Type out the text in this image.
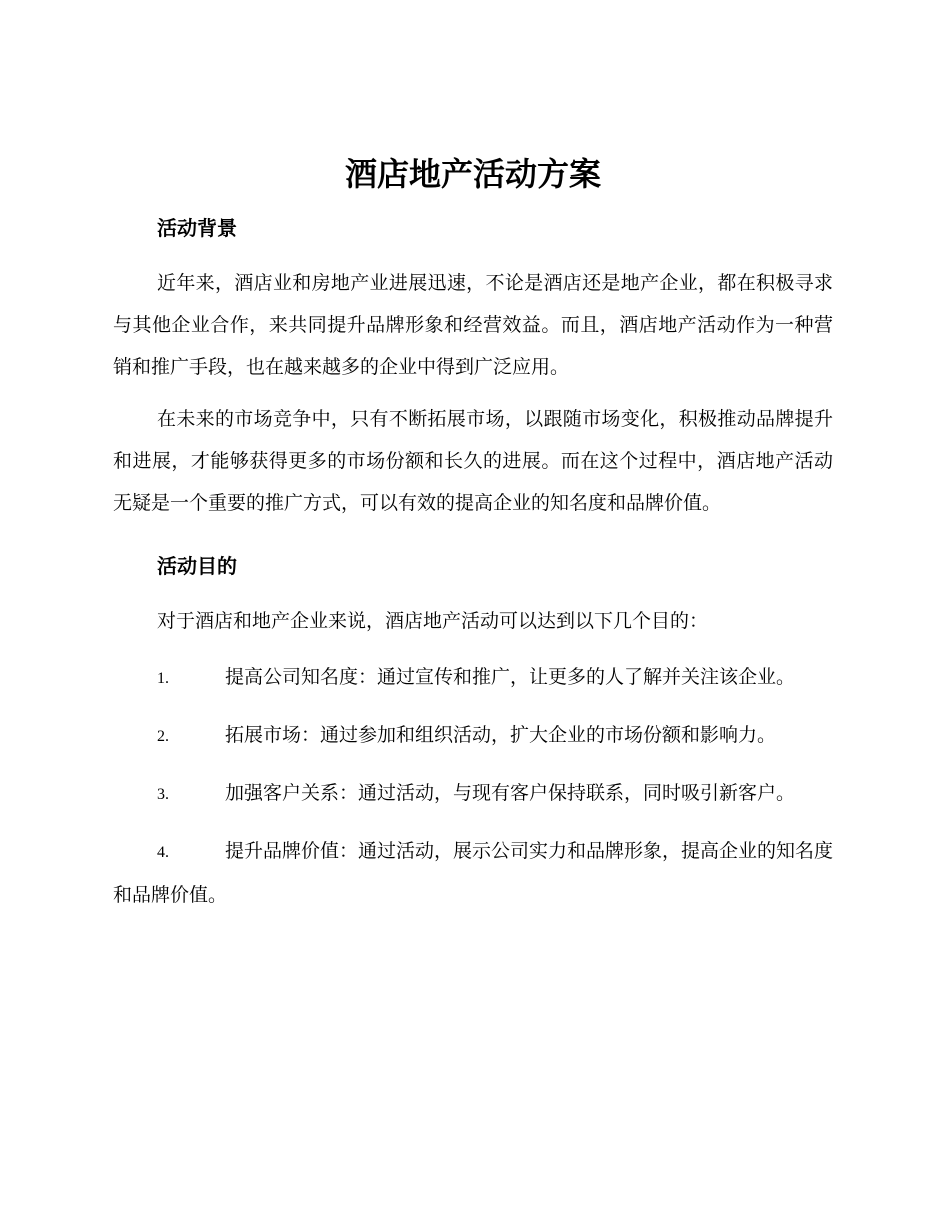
酒店地产活动方案
活动背景

近年来，酒店业和房地产业进展迅速，不论是酒店还是地产企业，都在积极寻求与其他企业合作，来共同提升品牌形象和经营效益。而且，酒店地产活动作为一种营销和推广手段，也在越来越多的企业中得到广泛应用。

在未来的市场竞争中，只有不断拓展市场，以跟随市场变化，积极推动品牌提升和进展，才能够获得更多的市场份额和长久的进展。而在这个过程中，酒店地产活动无疑是一个重要的推广方式，可以有效的提高企业的知名度和品牌价值。

活动目的

对于酒店和地产企业来说，酒店地产活动可以达到以下几个目的：

1.	提高公司知名度：通过宣传和推广，让更多的人了解并关注该企业。

2.	拓展市场：通过参加和组织活动，扩大企业的市场份额和影响力。

3.	加强客户关系：通过活动，与现有客户保持联系，同时吸引新客户。

4.	提升品牌价值：通过活动，展示公司实力和品牌形象，提高企业的知名度和品牌价值。
